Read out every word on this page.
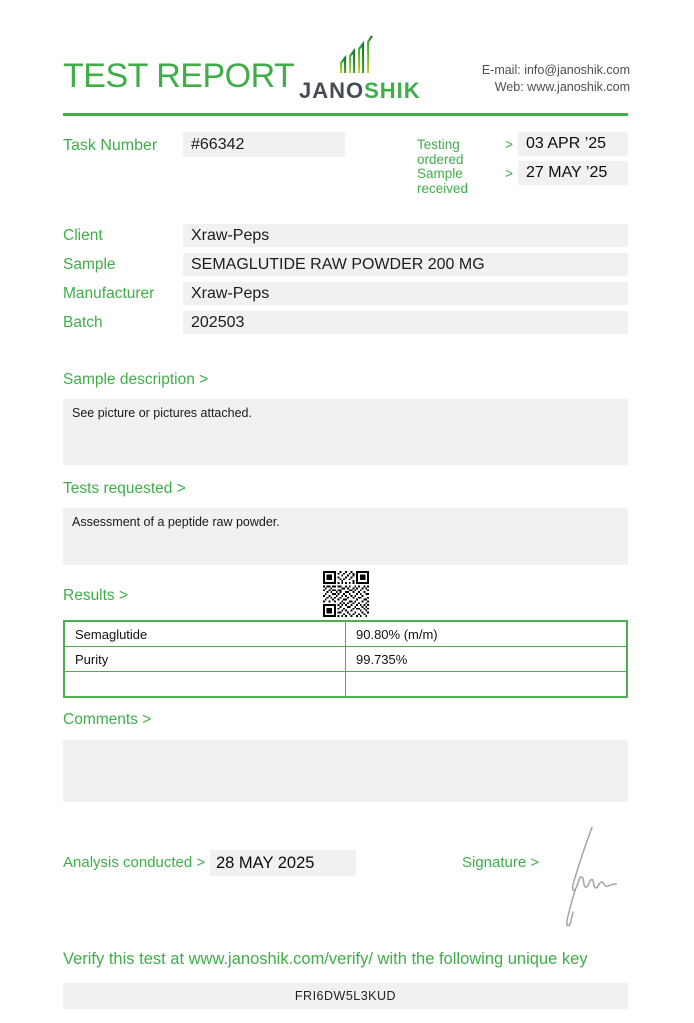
TEST REPORT JANOSHIK
E-mail: info@janoshik.com
Web: www.janoshik.com
Task Number	#66342	Testing ordered
> 03 APR ’25
Sample received
> 27 MAY ’25
Client	Xraw-Peps
Sample	SEMAGLUTIDE RAW POWDER 200 MG
Manufacturer	Xraw-Peps
Batch	202503
Sample description >
See picture or pictures attached.
Tests requested >
Assessment of a peptide raw powder.
Results >
Semaglutide	90.80% (m/m)
Purity	99.735%

Comments >
Analysis conducted > 28 MAY 2025	Signature >
Verify this test at www.janoshik.com/verify/ with the following unique key
FRI6DW5L3KUD
